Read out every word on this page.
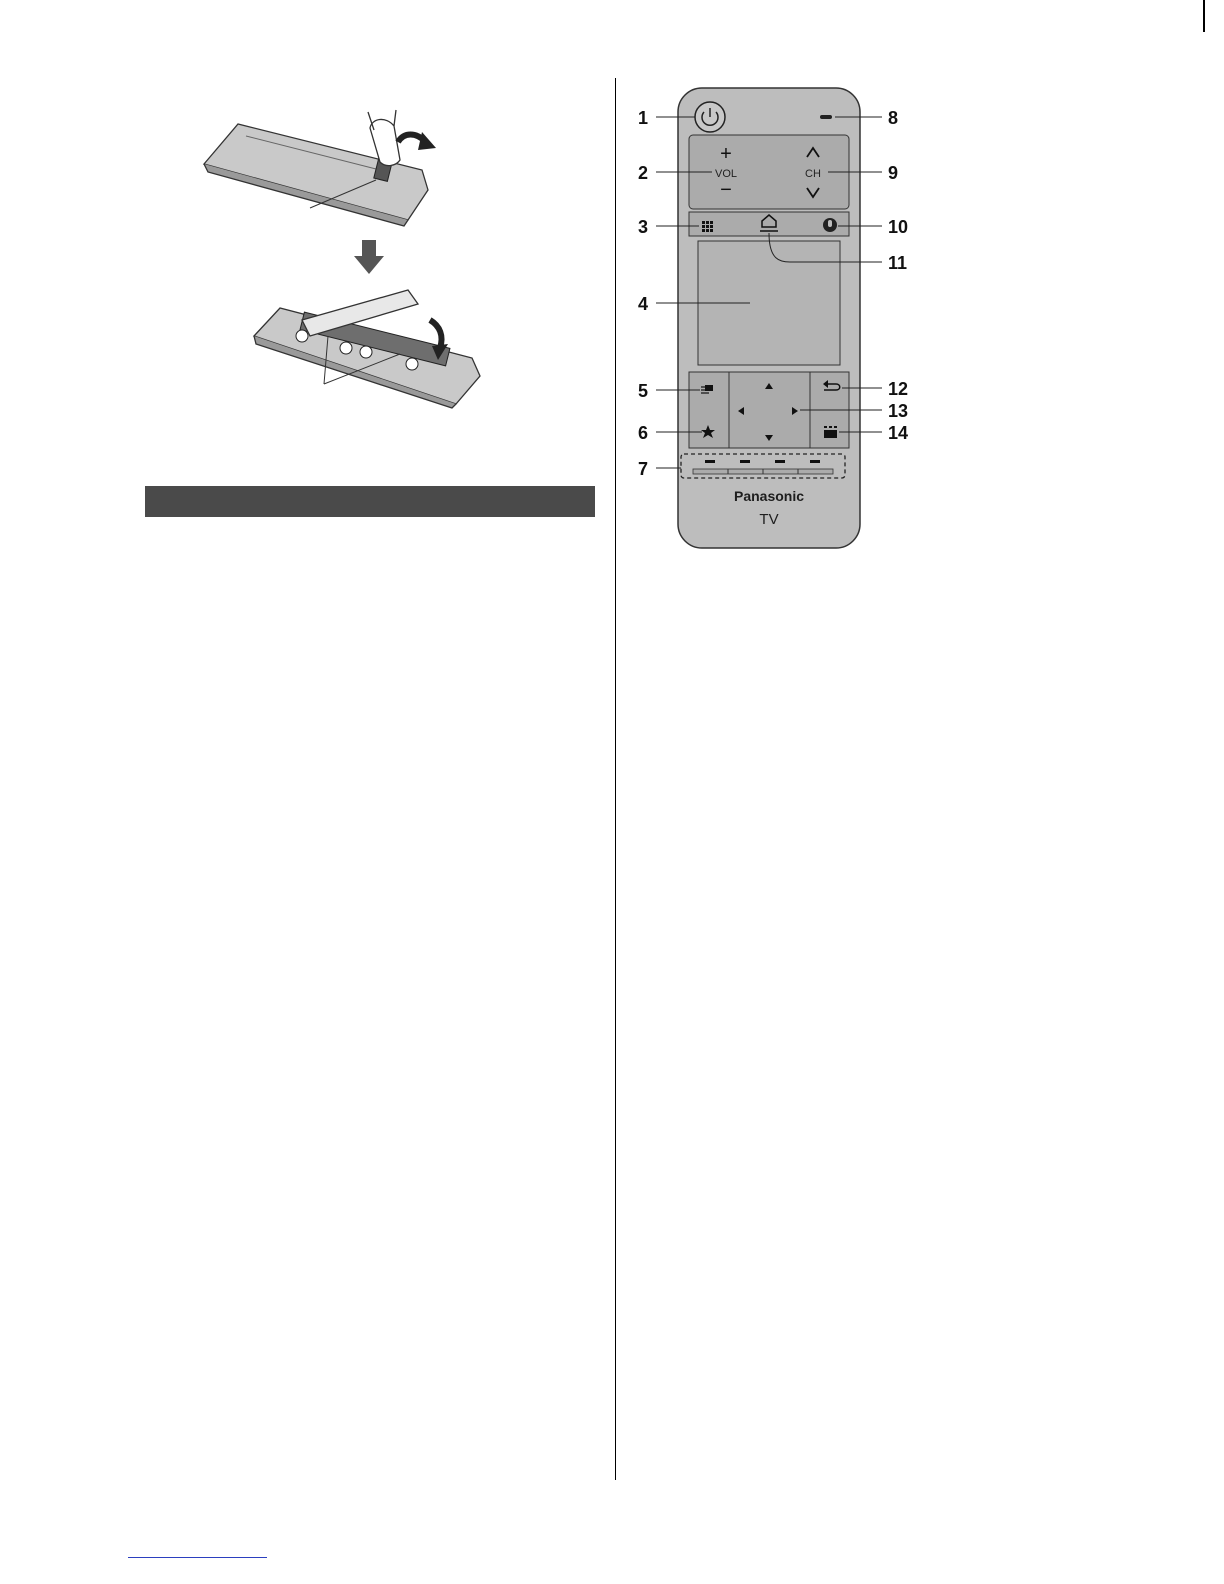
+
VOL
−
CH
Panasonic
TV
1
2
3
4
5
6
7
8
9
10
11
12
13
14
